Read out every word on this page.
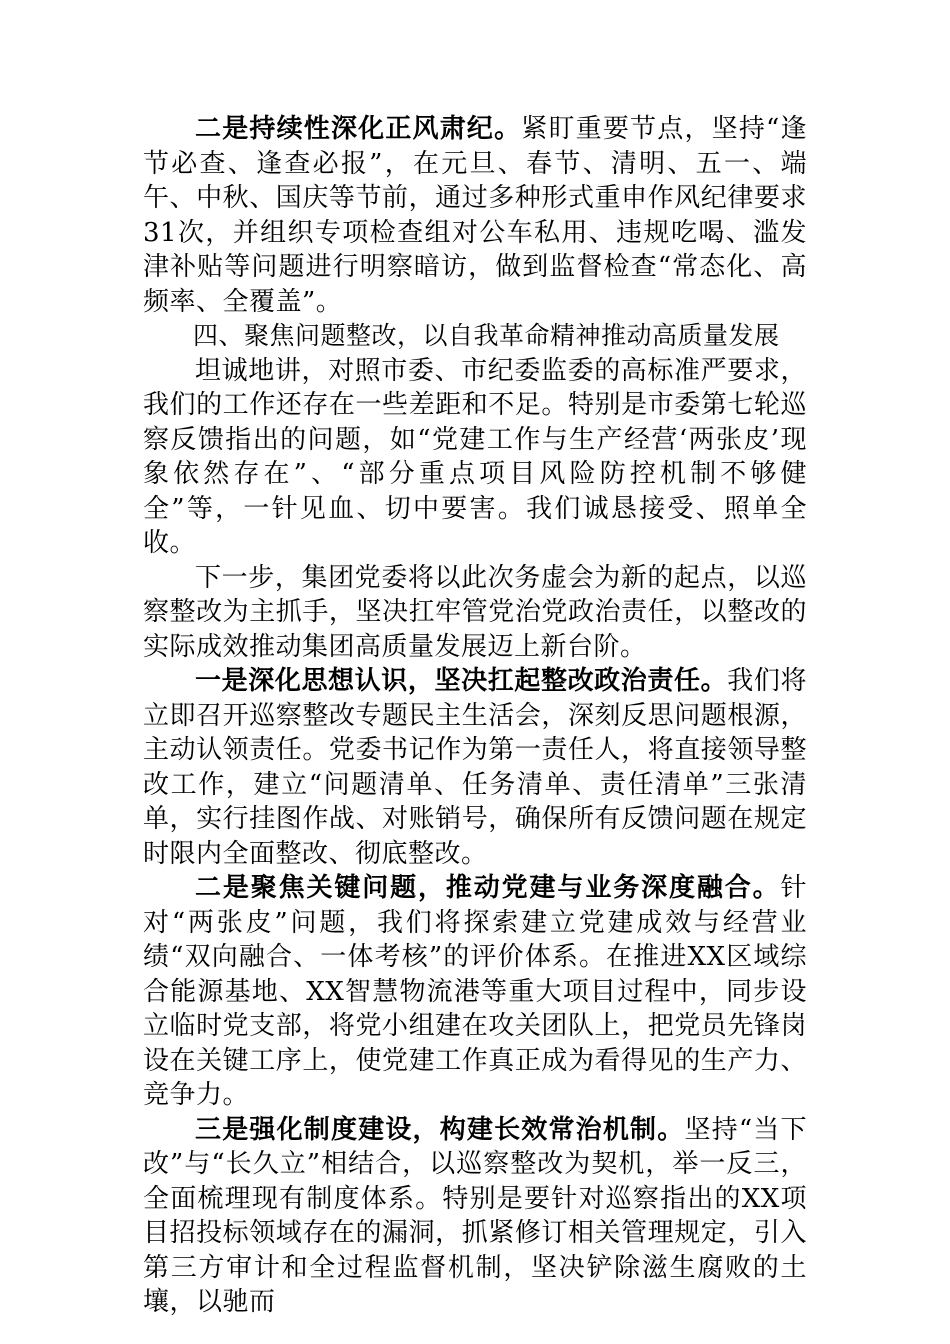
二是持续性深化正风肃纪。紧盯重要节点，坚持“逢节必查、逢查必报”，在元旦、春节、清明、五一、端午、中秋、国庆等节前，通过多种形式重申作风纪律要求31次，并组织专项检查组对公车私用、违规吃喝、滥发津补贴等问题进行明察暗访，做到监督检查“常态化、高频率、全覆盖”。

四、聚焦问题整改，以自我革命精神推动高质量发展

坦诚地讲，对照市委、市纪委监委的高标准严要求，我们的工作还存在一些差距和不足。特别是市委第七轮巡察反馈指出的问题，如“党建工作与生产经营‘两张皮’现象依然存在”、“部分重点项目风险防控机制不够健全”等，一针见血、切中要害。我们诚恳接受、照单全收。

下一步，集团党委将以此次务虚会为新的起点，以巡察整改为主抓手，坚决扛牢管党治党政治责任，以整改的实际成效推动集团高质量发展迈上新台阶。

一是深化思想认识，坚决扛起整改政治责任。我们将立即召开巡察整改专题民主生活会，深刻反思问题根源，主动认领责任。党委书记作为第一责任人，将直接领导整改工作，建立“问题清单、任务清单、责任清单”三张清单，实行挂图作战、对账销号，确保所有反馈问题在规定时限内全面整改、彻底整改。

二是聚焦关键问题，推动党建与业务深度融合。针对“两张皮”问题，我们将探索建立党建成效与经营业绩“双向融合、一体考核”的评价体系。在推进XX区域综合能源基地、XX智慧物流港等重大项目过程中，同步设立临时党支部，将党小组建在攻关团队上，把党员先锋岗设在关键工序上，使党建工作真正成为看得见的生产力、竞争力。

三是强化制度建设，构建长效常治机制。坚持“当下改”与“长久立”相结合，以巡察整改为契机，举一反三，全面梳理现有制度体系。特别是要针对巡察指出的XX项目招投标领域存在的漏洞，抓紧修订相关管理规定，引入第三方审计和全过程监督机制，坚决铲除滋生腐败的土壤，以驰而
